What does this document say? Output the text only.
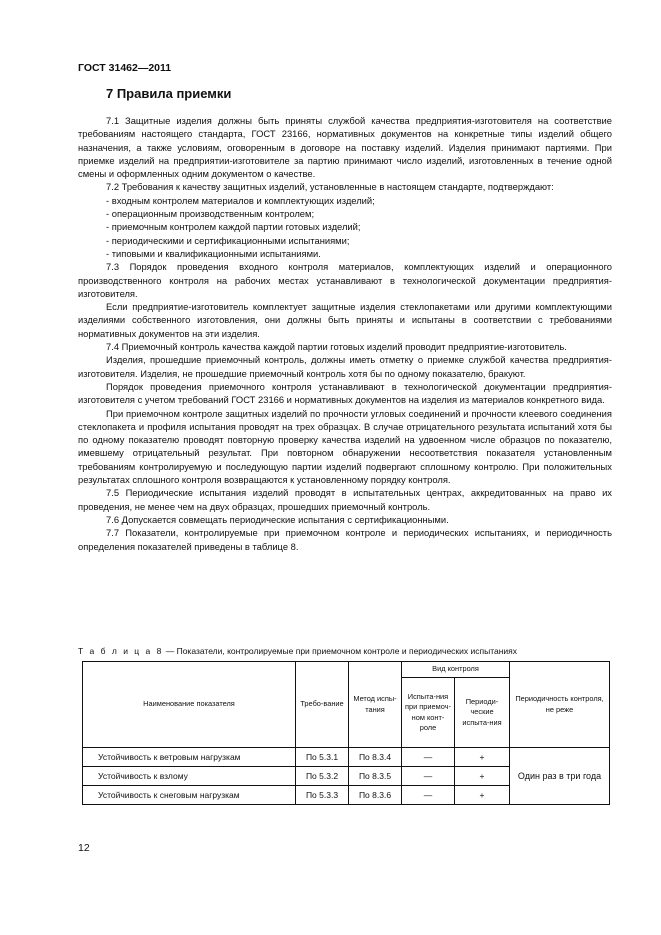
ГОСТ 31462—2011
7 Правила приемки

7.1 Защитные изделия должны быть приняты службой качества предприятия-изготовителя на соответствие требованиям настоящего стандарта, ГОСТ 23166, нормативных документов на конкретные типы изделий общего назначения, а также условиям, оговоренным в договоре на поставку изделий. Изделия принимают партиями. При приемке изделий на предприятии-изготовителе за партию принимают число изделий, изготовленных в течение одной смены и оформленных одним документом о качестве.

7.2 Требования к качеству защитных изделий, установленные в настоящем стандарте, подтверждают:

- входным контролем материалов и комплектующих изделий;
- операционным производственным контролем;
- приемочным контролем каждой партии готовых изделий;
- периодическими и сертификационными испытаниями;
- типовыми и квалификационными испытаниями.

7.3 Порядок проведения входного контроля материалов, комплектующих изделий и операционного производственного контроля на рабочих местах устанавливают в технологической документации предприятия-изготовителя.

Если предприятие-изготовитель комплектует защитные изделия стеклопакетами или другими комплектующими изделиями собственного изготовления, они должны быть приняты и испытаны в соответствии с требованиями нормативных документов на эти изделия.

7.4 Приемочный контроль качества каждой партии готовых изделий проводит предприятие-изготовитель.

Изделия, прошедшие приемочный контроль, должны иметь отметку о приемке службой качества предприятия-изготовителя. Изделия, не прошедшие приемочный контроль хотя бы по одному показателю, бракуют.

Порядок проведения приемочного контроля устанавливают в технологической документации предприятия-изготовителя с учетом требований ГОСТ 23166 и нормативных документов на изделия из материалов конкретного вида.

При приемочном контроле защитных изделий по прочности угловых соединений и прочности клеевого соединения стеклопакета и профиля испытания проводят на трех образцах. В случае отрицательного результата испытаний хотя бы по одному показателю проводят повторную проверку качества изделий на удвоенном числе образцов по показателю, имевшему отрицательный результат. При повторном обнаружении несоответствия показателя установленным требованиям контролируемую и последующую партии изделий подвергают сплошному контролю. При положительных результатах сплошного контроля возвращаются к установленному порядку контроля.

7.5 Периодические испытания изделий проводят в испытательных центрах, аккредитованных на право их проведения, не менее чем на двух образцах, прошедших приемочный контроль.

7.6 Допускается совмещать периодические испытания с сертификационными.

7.7 Показатели, контролируемые при приемочном контроле и периодических испытаниях, и периодичность определения показателей приведены в таблице 8.

Т а б л и ц а 8 — Показатели, контролируемые при приемочном контроле и периодических испытаниях
Наименование показателя	Требо-вание	Метод испы-тания	Вид контроля		Периодичность контроля, не реже
			Испыта-ния при приемоч-ном конт-роле	Периоди-ческие испыта-ния	
Устойчивость к ветровым нагрузкам	По 5.3.1	По 8.3.4	—	+	Один раз в три года
Устойчивость к взлому	По 5.3.2	По 8.3.5	—	+	
Устойчивость к снеговым нагрузкам	По 5.3.3	По 8.3.6	—	+	
12
